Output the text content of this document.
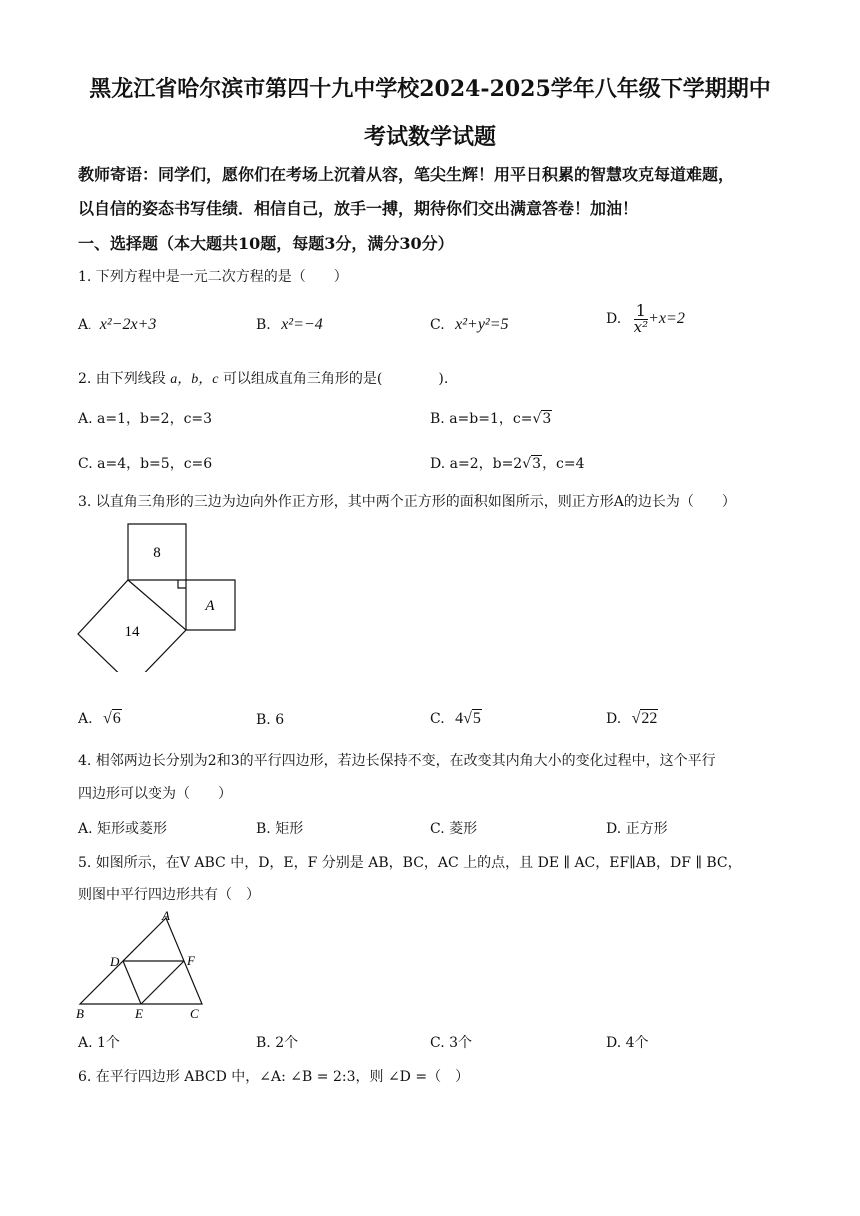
黑龙江省哈尔滨市第四十九中学校2024-2025学年八年级下学期期中
考试数学试题
教师寄语：同学们，愿你们在考场上沉着从容，笔尖生辉！用平日积累的智慧攻克每道难题，
以自信的姿态书写佳绩．相信自己，放手一搏，期待你们交出满意答卷！加油！
一、选择题（本大题共10题，每题3分，满分30分）
1. 下列方程中是一元二次方程的是（　　）
A. x²−2x+3	B. x²=−4	C. x²+y²=5	D. $\frac{1}{\text{x²}} +x=2$
2. 由下列线段 a，b，c 可以组成直角三角形的是(　　　　).
A. a=1，b=2，c=3	B. a=b=1，c=√3
C. a=4，b=5，c=6	D. a=2，b=2√3，c=4
3. 以直角三角形的三边为边向外作正方形，其中两个正方形的面积如图所示，则正方形A的边长为（　　）
8
A
14
A. √6	B. 6	C. 4√5	D. √22
4. 相邻两边长分别为2和3的平行四边形，若边长保持不变，在改变其内角大小的变化过程中，这个平行
四边形可以变为（　　）
A. 矩形或菱形	B. 矩形	C. 菱形	D. 正方形
5. 如图所示，在V ABC 中，D，E，F 分别是 AB，BC，AC 上的点，且 DE ∥ AC，EF∥AB，DF ∥ BC，
则图中平行四边形共有（　）
A
B	C
D
E
F
A. 1个	B. 2个	C. 3个	D. 4个
6. 在平行四边形 ABCD 中，∠A: ∠B = 2:3，则 ∠D =（　）
